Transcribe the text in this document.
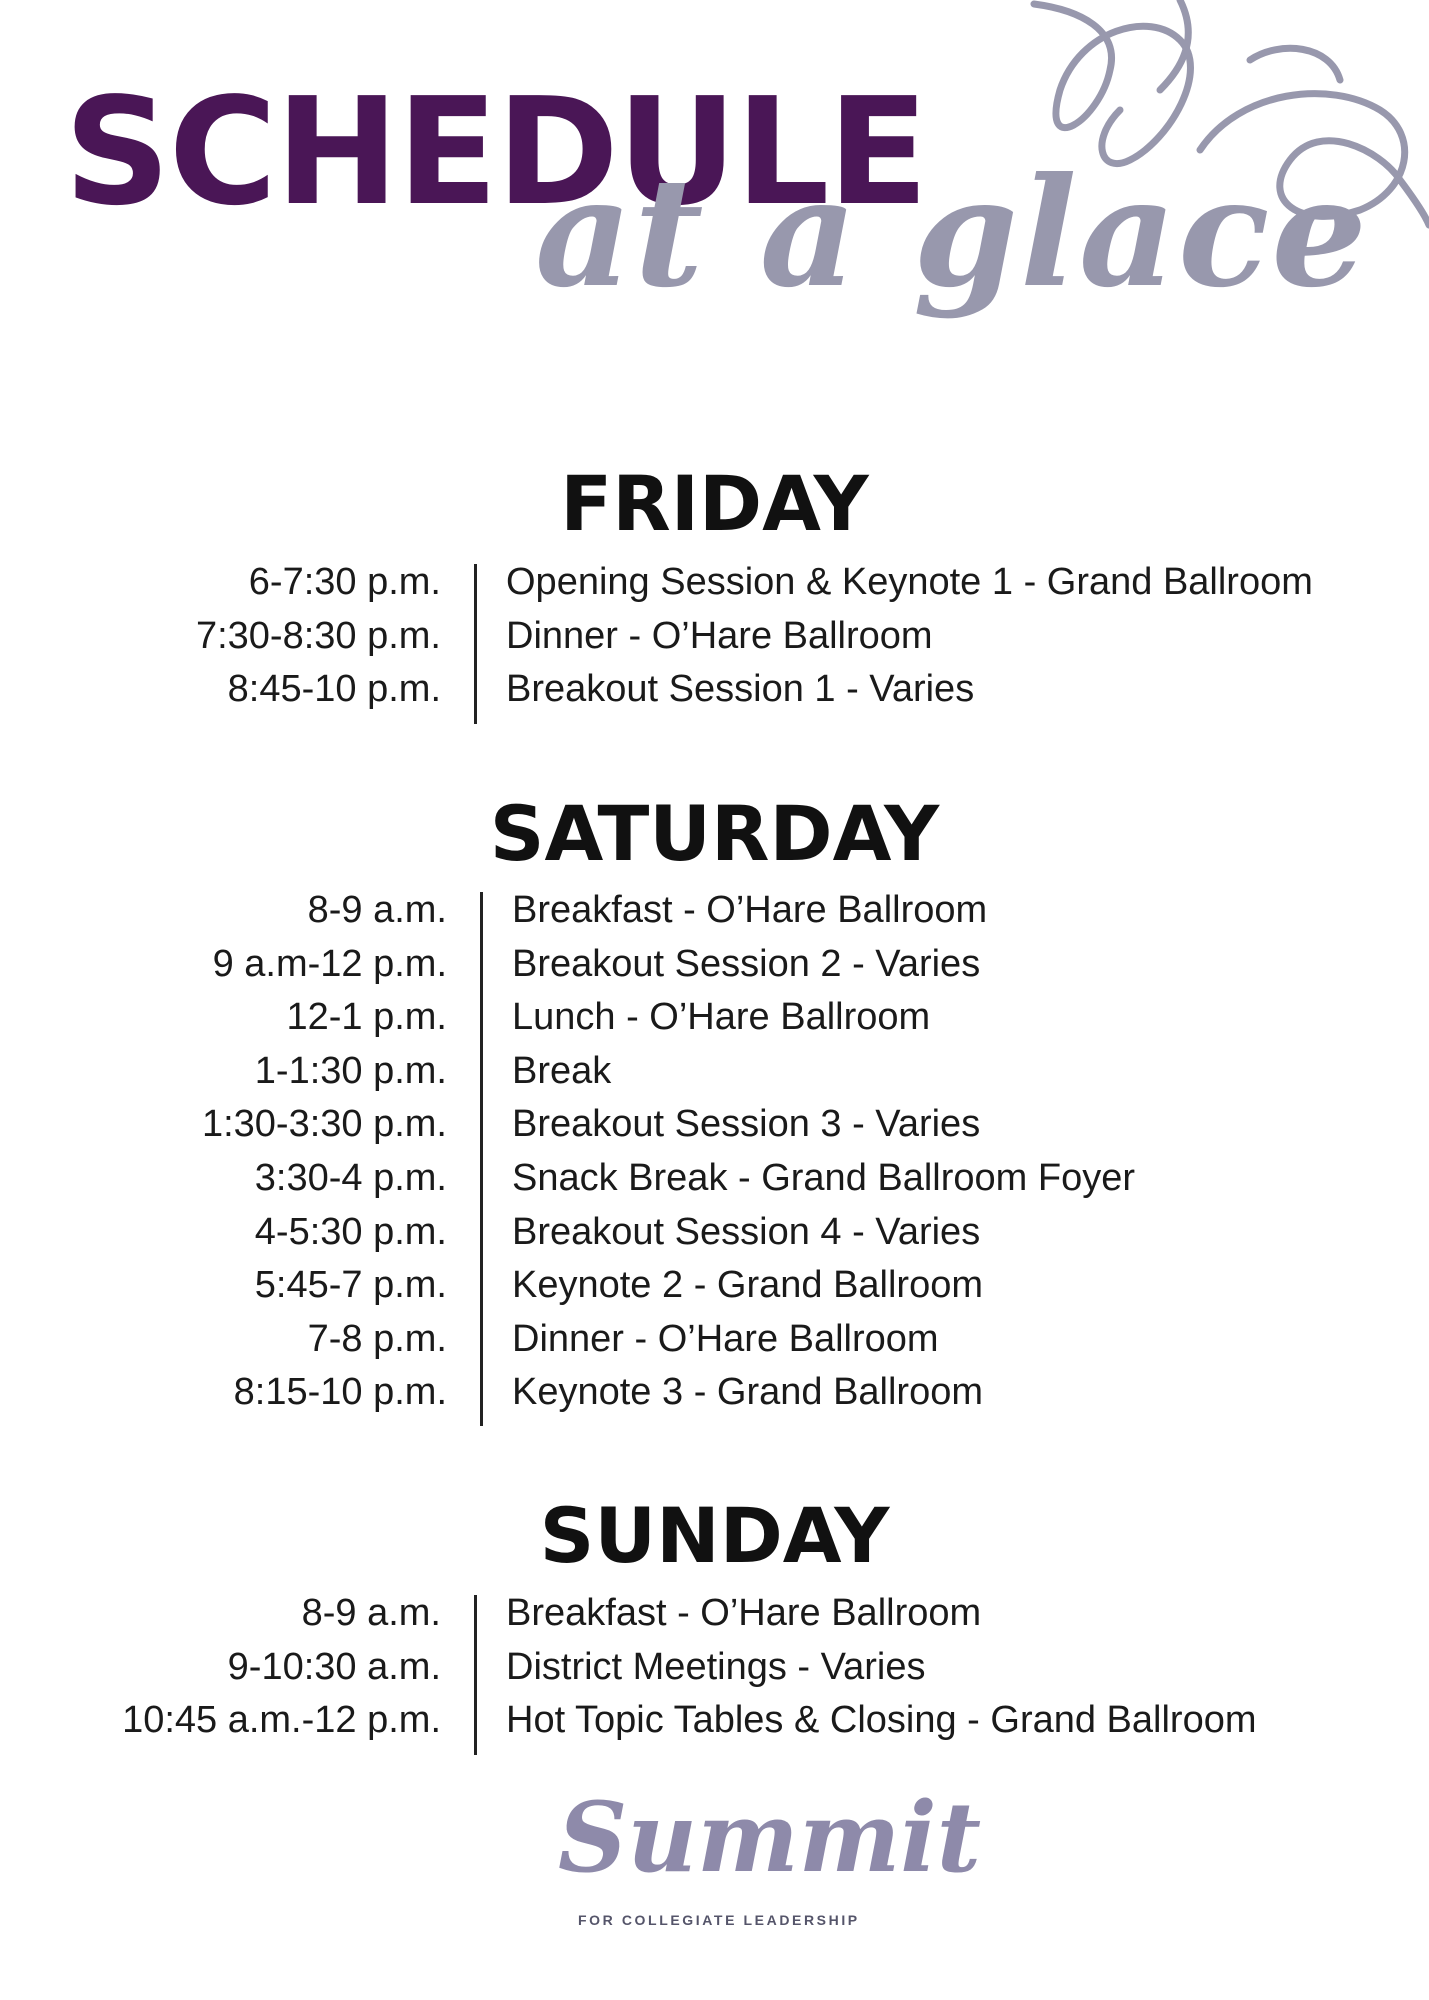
SCHEDULE
at a glace
FRIDAY
6-7:30 p.m. Opening Session & Keynote 1 - Grand Ballroom
7:30-8:30 p.m. Dinner - O’Hare Ballroom
8:45-10 p.m. Breakout Session 1 - Varies
SATURDAY
8-9 a.m. Breakfast - O’Hare Ballroom
9 a.m-12 p.m. Breakout Session 2 - Varies
12-1 p.m. Lunch - O’Hare Ballroom
1-1:30 p.m. Break
1:30-3:30 p.m. Breakout Session 3 - Varies
3:30-4 p.m. Snack Break - Grand Ballroom Foyer
4-5:30 p.m. Breakout Session 4 - Varies
5:45-7 p.m. Keynote 2 - Grand Ballroom
7-8 p.m. Dinner - O’Hare Ballroom
8:15-10 p.m. Keynote 3 - Grand Ballroom
SUNDAY
8-9 a.m. Breakfast - O’Hare Ballroom
9-10:30 a.m. District Meetings - Varies
10:45 a.m.-12 p.m. Hot Topic Tables & Closing - Grand Ballroom
Summit
FOR COLLEGIATE LEADERSHIP
